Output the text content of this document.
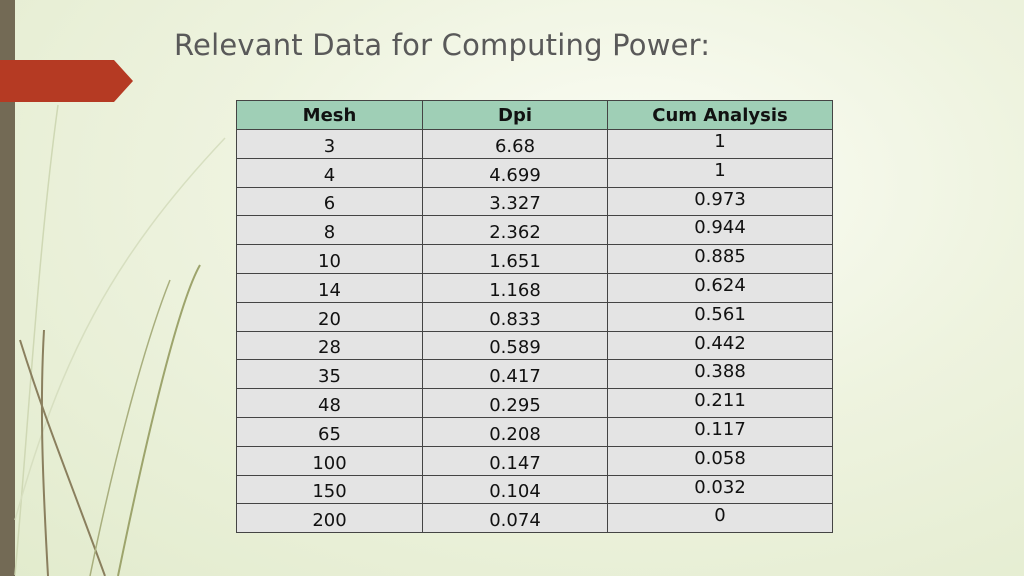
Relevant Data for Computing Power:
Mesh	Dpi	Cum Analysis
3	6.68	1
4	4.699	1
6	3.327	0.973
8	2.362	0.944
10	1.651	0.885
14	1.168	0.624
20	0.833	0.561
28	0.589	0.442
35	0.417	0.388
48	0.295	0.211
65	0.208	0.117
100	0.147	0.058
150	0.104	0.032
200	0.074	0
